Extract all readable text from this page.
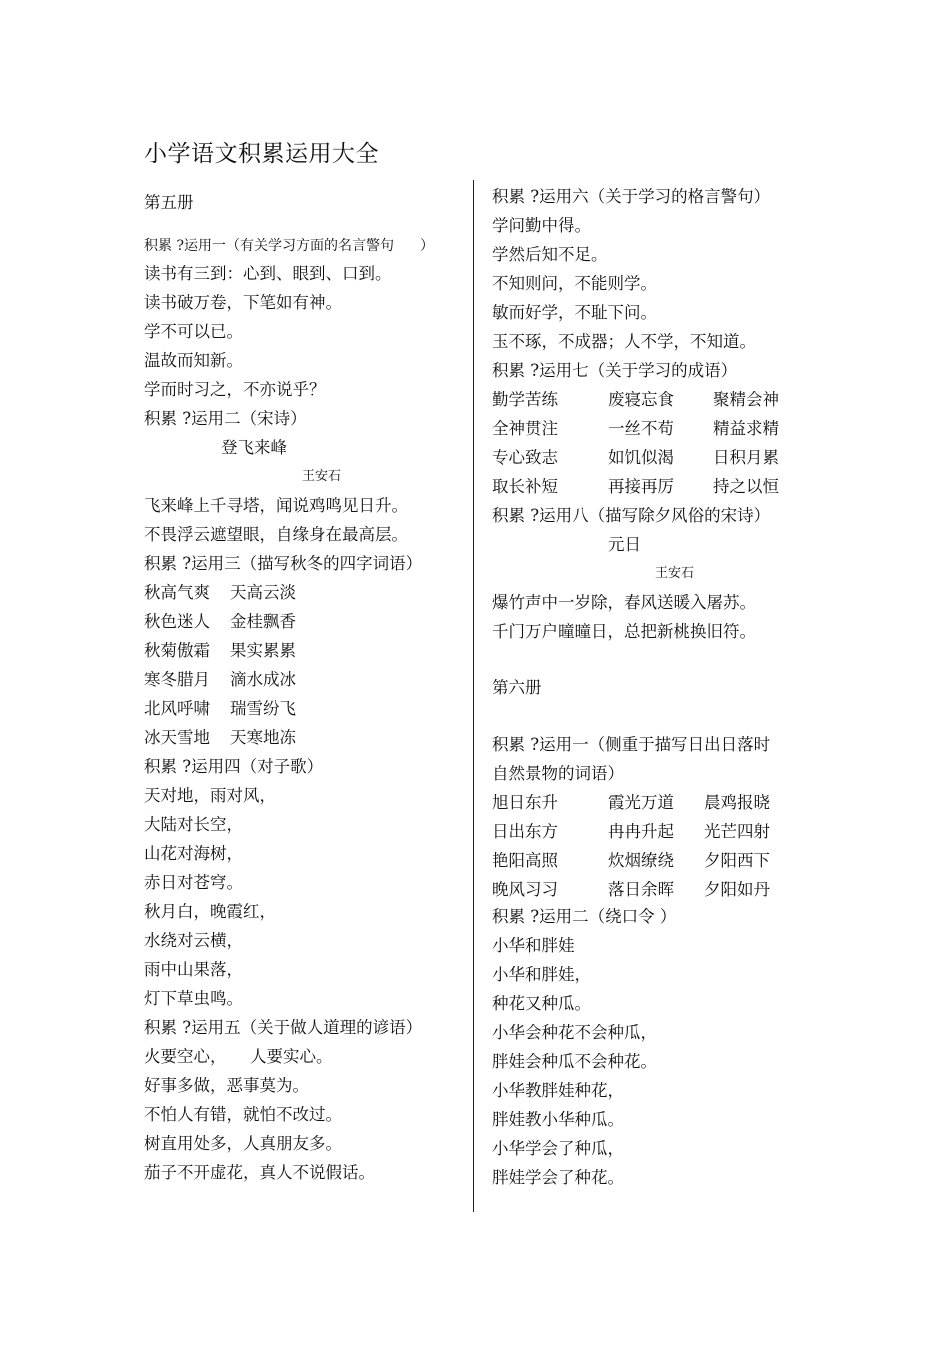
小学语文积累运用大全
第五册
积累 ?运用一（有关学习方面的名言警句 ）
读书有三到：心到、眼到、口到。
读书破万卷，下笔如有神。
学不可以已。
温故而知新。
学而时习之，不亦说乎？
积累 ?运用二（宋诗）
登飞来峰
王安石
飞来峰上千寻塔，闻说鸡鸣见日升。
不畏浮云遮望眼，自缘身在最高层。
积累 ?运用三（描写秋冬的四字词语）
秋高气爽 天高云淡
秋色迷人 金桂飘香
秋菊傲霜 果实累累
寒冬腊月 滴水成冰
北风呼啸 瑞雪纷飞
冰天雪地 天寒地冻
积累 ?运用四（对子歌）
天对地，雨对风，
大陆对长空，
山花对海树，
赤日对苍穹。
秋月白，晚霞红，
水绕对云横，
雨中山果落，
灯下草虫鸣。
积累 ?运用五（关于做人道理的谚语）
火要空心， 人要实心。
好事多做，恶事莫为。
不怕人有错，就怕不改过。
树直用处多，人真朋友多。
茄子不开虚花，真人不说假话。
积累 ?运用六（关于学习的格言警句）
学问勤中得。
学然后知不足。
不知则问，不能则学。
敏而好学，不耻下问。
玉不琢，不成器；人不学，不知道。
积累 ?运用七（关于学习的成语）
勤学苦练	废寝忘食 聚精会神
全神贯注	一丝不苟 精益求精
专心致志	如饥似渴 日积月累
取长补短	再接再厉 持之以恒
积累 ?运用八（描写除夕风俗的宋诗）
元日
王安石
爆竹声中一岁除，春风送暖入屠苏。
千门万户曈曈日，总把新桃换旧符。
第六册
积累 ?运用一（侧重于描写日出日落时
自然景物的词语）
旭日东升	霞光万道 晨鸡报晓
日出东方	冉冉升起 光芒四射
艳阳高照	炊烟缭绕 夕阳西下
晚风习习	落日余晖 夕阳如丹
积累 ?运用二（绕口令 ）
小华和胖娃
小华和胖娃，
种花又种瓜。
小华会种花不会种瓜，
胖娃会种瓜不会种花。
小华教胖娃种花，
胖娃教小华种瓜。
小华学会了种瓜，
胖娃学会了种花。
